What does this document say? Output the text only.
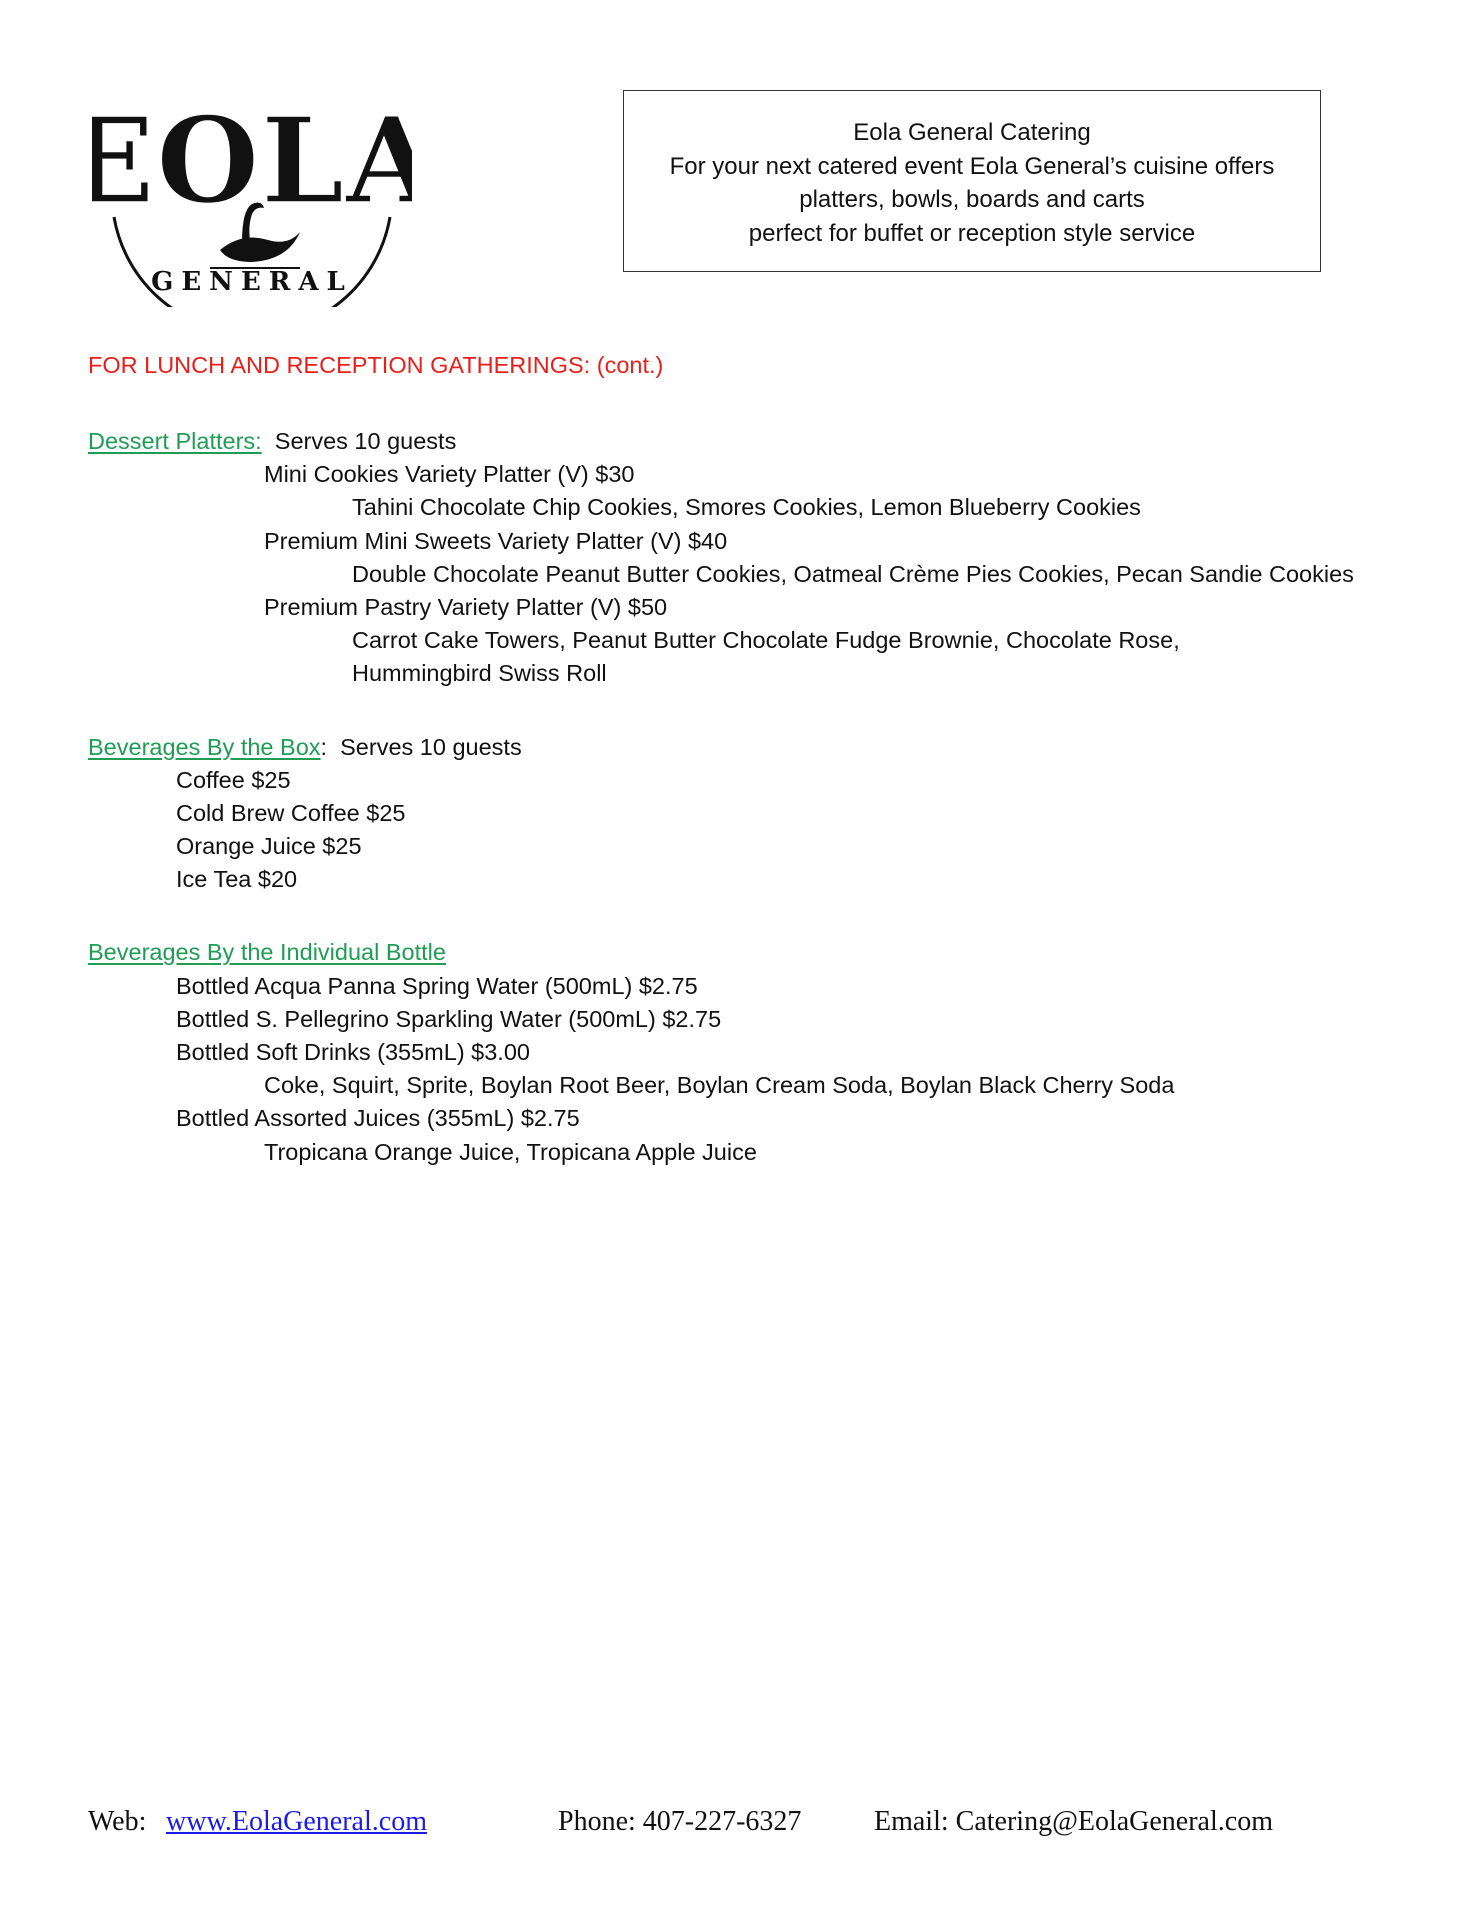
EOLA
EOLA
GENERAL
Eola General Catering
For your next catered event Eola General’s cuisine offers
platters, bowls, boards and carts
perfect for buffet or reception style service
FOR LUNCH AND RECEPTION GATHERINGS: (cont.)
Dessert Platters: Serves 10 guests
Mini Cookies Variety Platter (V) $30
Tahini Chocolate Chip Cookies, Smores Cookies, Lemon Blueberry Cookies
Premium Mini Sweets Variety Platter (V) $40
Double Chocolate Peanut Butter Cookies, Oatmeal Crème Pies Cookies, Pecan Sandie Cookies
Premium Pastry Variety Platter (V) $50
Carrot Cake Towers, Peanut Butter Chocolate Fudge Brownie, Chocolate Rose,
Hummingbird Swiss Roll
Beverages By the Box: Serves 10 guests
Coffee $25
Cold Brew Coffee $25
Orange Juice $25
Ice Tea $20
Beverages By the Individual Bottle
Bottled Acqua Panna Spring Water (500mL) $2.75
Bottled S. Pellegrino Sparkling Water (500mL) $2.75
Bottled Soft Drinks (355mL) $3.00
Coke, Squirt, Sprite, Boylan Root Beer, Boylan Cream Soda, Boylan Black Cherry Soda
Bottled Assorted Juices (355mL) $2.75
Tropicana Orange Juice, Tropicana Apple Juice
Web: www.EolaGeneral.com	Phone: 407-227-6327	Email: Catering@EolaGeneral.com
